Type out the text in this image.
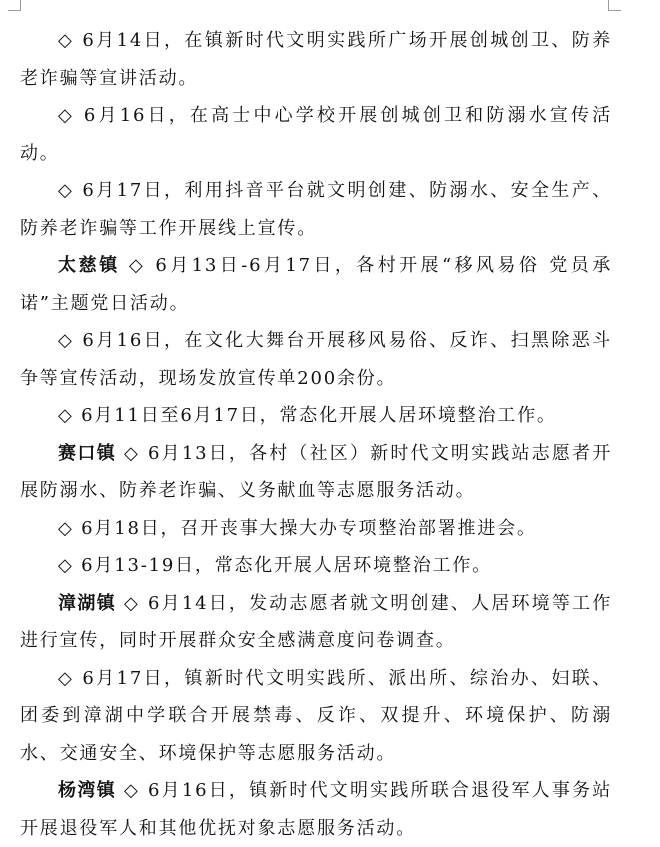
◇ 6月14日，在镇新时代文明实践所广场开展创城创卫、防养老诈骗等宣讲活动。

◇ 6月16日，在高士中心学校开展创城创卫和防溺水宣传活动。

◇ 6月17日，利用抖音平台就文明创建、防溺水、安全生产、防养老诈骗等工作开展线上宣传。

太慈镇 ◇ 6月13日-6月17日，各村开展“移风易俗 党员承诺”主题党日活动。

◇ 6月16日，在文化大舞台开展移风易俗、反诈、扫黑除恶斗争等宣传活动，现场发放宣传单200余份。

◇ 6月11日至6月17日，常态化开展人居环境整治工作。

赛口镇 ◇ 6月13日，各村（社区）新时代文明实践站志愿者开展防溺水、防养老诈骗、义务献血等志愿服务活动。

◇ 6月18日，召开丧事大操大办专项整治部署推进会。

◇ 6月13-19日，常态化开展人居环境整治工作。

漳湖镇 ◇ 6月14日，发动志愿者就文明创建、人居环境等工作进行宣传，同时开展群众安全感满意度问卷调查。

◇ 6月17日，镇新时代文明实践所、派出所、综治办、妇联、团委到漳湖中学联合开展禁毒、反诈、双提升、环境保护、防溺水、交通安全、环境保护等志愿服务活动。

杨湾镇 ◇ 6月16日，镇新时代文明实践所联合退役军人事务站开展退役军人和其他优抚对象志愿服务活动。
